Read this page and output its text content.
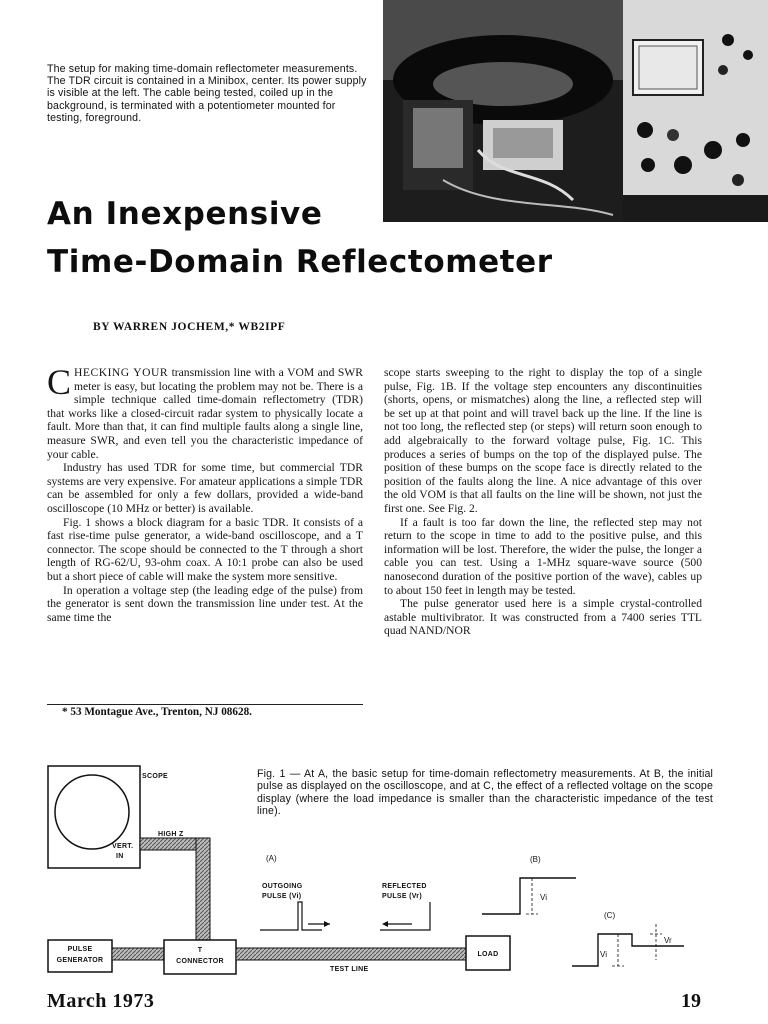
The setup for making time-domain reflectometer measurements. The TDR circuit is contained in a Minibox, center. Its power supply is visible at the left. The cable being tested, coiled up in the background, is terminated with a potentiometer mounted for testing, foreground.
An Inexpensive
Time-Domain Reflectometer
BY WARREN JOCHEM,* WB2IPF

CHECKING YOUR transmission line with a VOM and SWR meter is easy, but locating the problem may not be. There is a simple technique called time-domain reflectometry (TDR) that works like a closed-circuit radar system to physically locate a fault. More than that, it can find multiple faults along a single line, measure SWR, and even tell you the characteristic impedance of your cable.

Industry has used TDR for some time, but commercial TDR systems are very expensive. For amateur applications a simple TDR can be assembled for only a few dollars, provided a wide-band oscilloscope (10 MHz or better) is available.

Fig. 1 shows a block diagram for a basic TDR. It consists of a fast rise-time pulse generator, a wide-band oscilloscope, and a T connector. The scope should be connected to the T through a short length of RG-62/U, 93-ohm coax. A 10:1 probe can also be used but a short piece of cable will make the system more sensitive.

In operation a voltage step (the leading edge of the pulse) from the generator is sent down the transmission line under test. At the same time the

* 53 Montague Ave., Trenton, NJ 08628.

scope starts sweeping to the right to display the top of a single pulse, Fig. 1B. If the voltage step encounters any discontinuities (shorts, opens, or mismatches) along the line, a reflected step will be set up at that point and will travel back up the line. If the line is not too long, the reflected step (or steps) will return soon enough to add algebraically to the forward voltage pulse, Fig. 1C. This produces a series of bumps on the top of the displayed pulse. The position of these bumps on the scope face is directly related to the position of the faults along the line. A nice advantage of this over the old VOM is that all faults on the line will be shown, not just the first one. See Fig. 2.

If a fault is too far down the line, the reflected step may not return to the scope in time to add to the positive pulse, and this information will be lost. Therefore, the wider the pulse, the longer a cable you can test. Using a 1-MHz square-wave source (500 nanosecond duration of the positive portion of the wave), cables up to about 150 feet in length may be tested.

The pulse generator used here is a simple crystal-controlled astable multivibrator. It was constructed from a 7400 series TTL quad NAND/NOR

SCOPE
HIGH Z
VERT.
IN
PULSE
GENERATOR
T
CONNECTOR
TEST LINE
LOAD
(A)	(B)
(C)
OUTGOING
PULSE (Vi)
REFLECTED
PULSE (Vr)	Vi
Vi
Vr
Fig. 1 — At A, the basic setup for time-domain reflectometry measurements. At B, the initial pulse as displayed on the oscilloscope, and at C, the effect of a reflected voltage on the scope display (where the load impedance is smaller than the characteristic impedance of the test line).
March 1973	19
